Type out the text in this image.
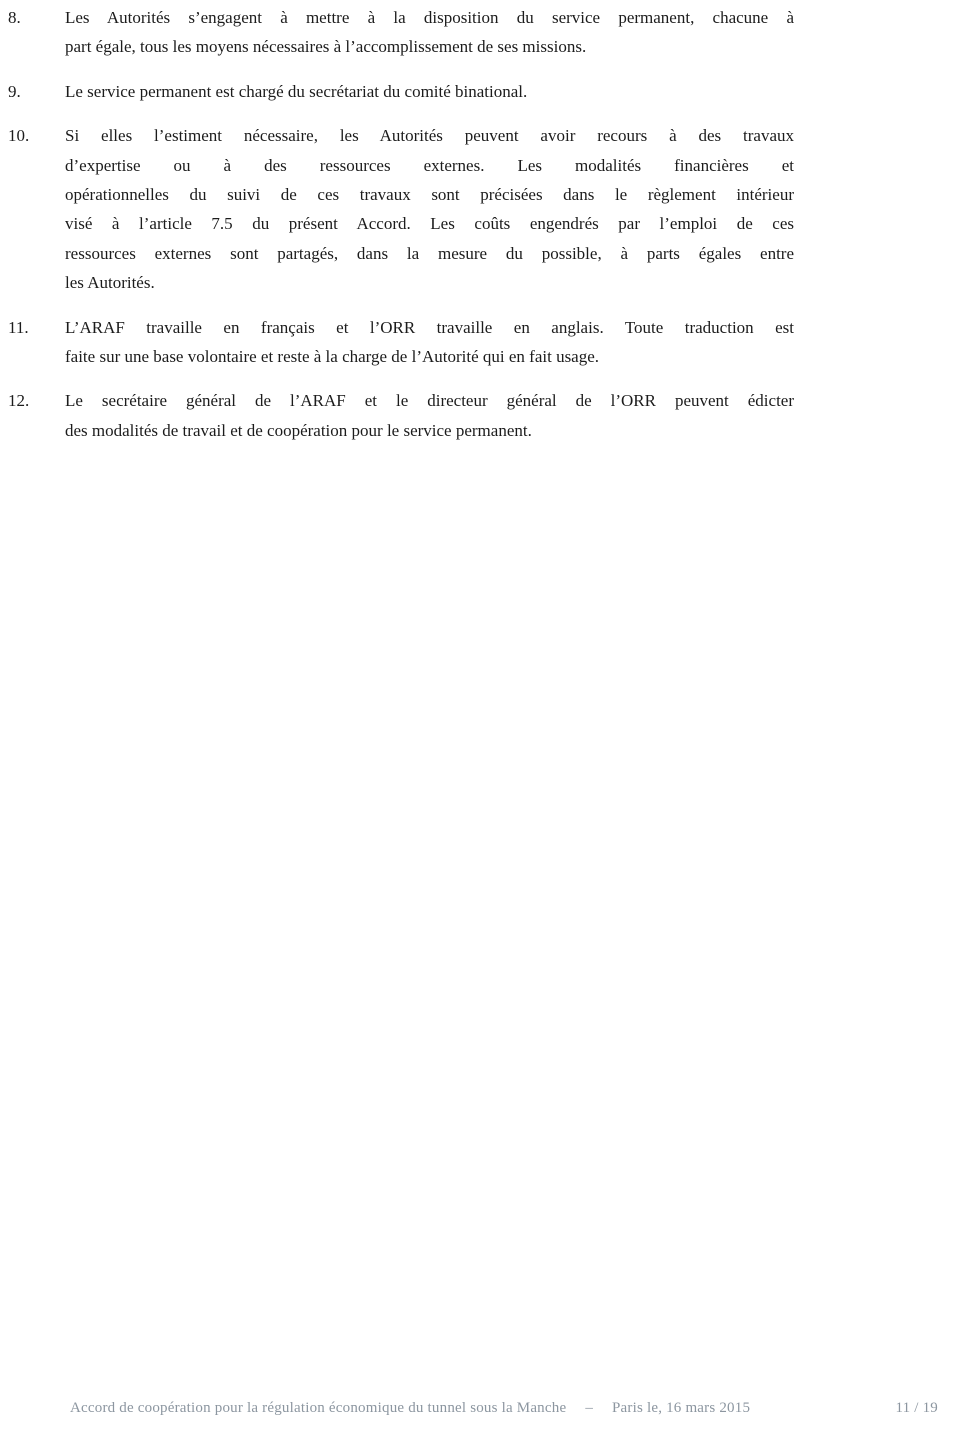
8.	Les Autorités s’engagent à mettre à la disposition du service permanent, chacune à
part égale, tous les moyens nécessaires à l’accomplissement de ses missions.
9.	Le service permanent est chargé du secrétariat du comité binational.
10.	Si elles l’estiment nécessaire, les Autorités peuvent avoir recours à des travaux
d’expertise ou à des ressources externes. Les modalités financières et
opérationnelles du suivi de ces travaux sont précisées dans le règlement intérieur
visé à l’article 7.5 du présent Accord. Les coûts engendrés par l’emploi de ces
ressources externes sont partagés, dans la mesure du possible, à parts égales entre
les Autorités.
11.	L’ARAF travaille en français et l’ORR travaille en anglais. Toute traduction est
faite sur une base volontaire et reste à la charge de l’Autorité qui en fait usage.
12.	Le secrétaire général de l’ARAF et le directeur général de l’ORR peuvent édicter
des modalités de travail et de coopération pour le service permanent.
Accord de coopération pour la régulation économique du tunnel sous la Manche – Paris le, 16 mars 2015	11 / 19
